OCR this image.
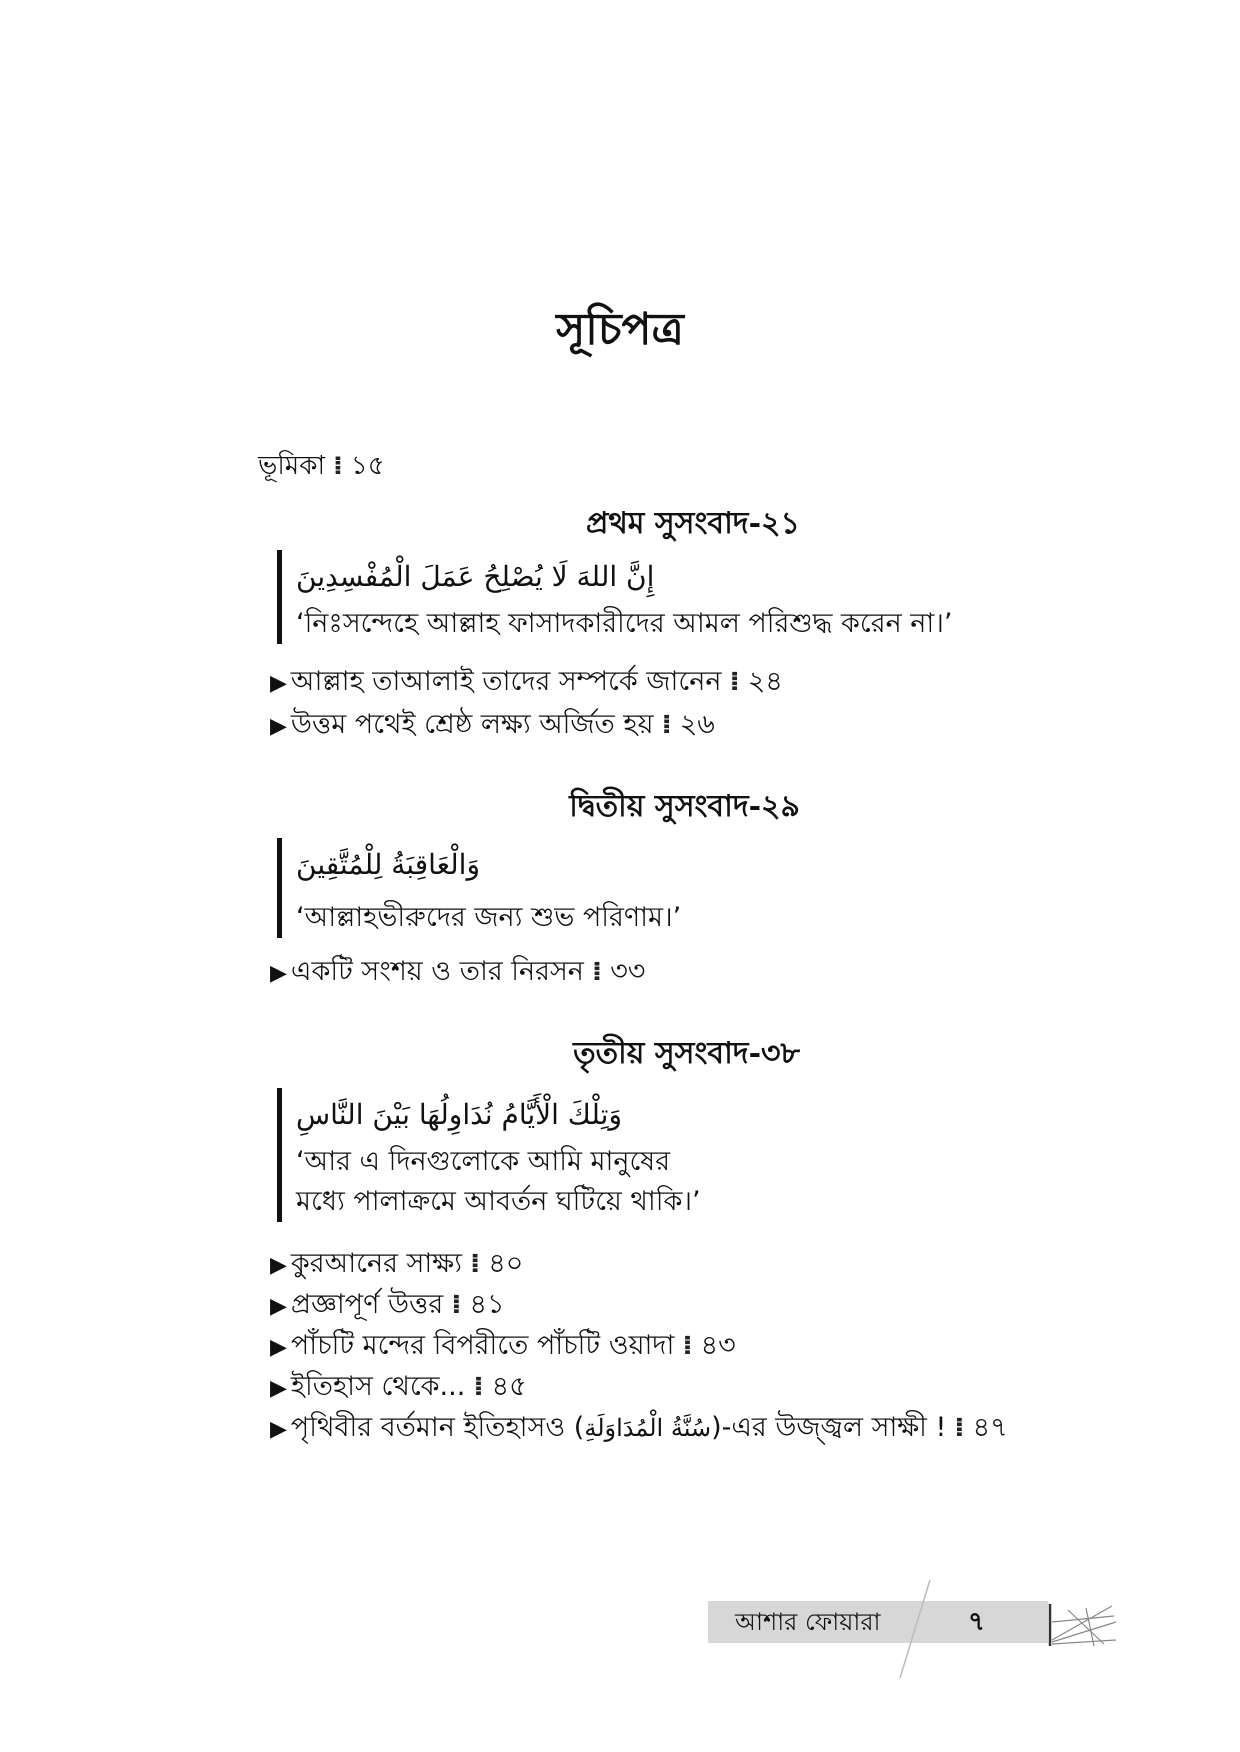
সূচিপত্র
ভূমিকা ⁞ ১৫
প্রথম সুসংবাদ-২১
إِنَّ اللهَ لَا يُصْلِحُ عَمَلَ الْمُفْسِدِينَ
‘নিঃসন্দেহে আল্লাহ ফাসাদকারীদের আমল পরিশুদ্ধ করেন না।’
▶ আল্লাহ তাআলাই তাদের সম্পর্কে জানেন ⁞ ২৪
▶ উত্তম পথেই শ্রেষ্ঠ লক্ষ্য অর্জিত হয় ⁞ ২৬
দ্বিতীয় সুসংবাদ-২৯
وَالْعَاقِبَةُ لِلْمُتَّقِينَ
‘আল্লাহভীরুদের জন্য শুভ পরিণাম।’
▶ একটি সংশয় ও তার নিরসন ⁞ ৩৩
তৃতীয় সুসংবাদ-৩৮
وَتِلْكَ الْأَيَّامُ نُدَاوِلُهَا بَيْنَ النَّاسِ
‘আর এ দিনগুলোকে আমি মানুষের
মধ্যে পালাক্রমে আবর্তন ঘটিয়ে থাকি।’
▶ কুরআনের সাক্ষ্য ⁞ ৪০
▶ প্রজ্ঞাপূর্ণ উত্তর ⁞ ৪১
▶ পাঁচটি মন্দের বিপরীতে পাঁচটি ওয়াদা ⁞ ৪৩
▶ ইতিহাস থেকে... ⁞ ৪৫
▶ পৃথিবীর বর্তমান ইতিহাসও (سُنَّةُ الْمُدَاوَلَةِ)-এর উজ্জ্বল সাক্ষী ! ⁞ ৪৭
আশার ফোয়ারা	৭
